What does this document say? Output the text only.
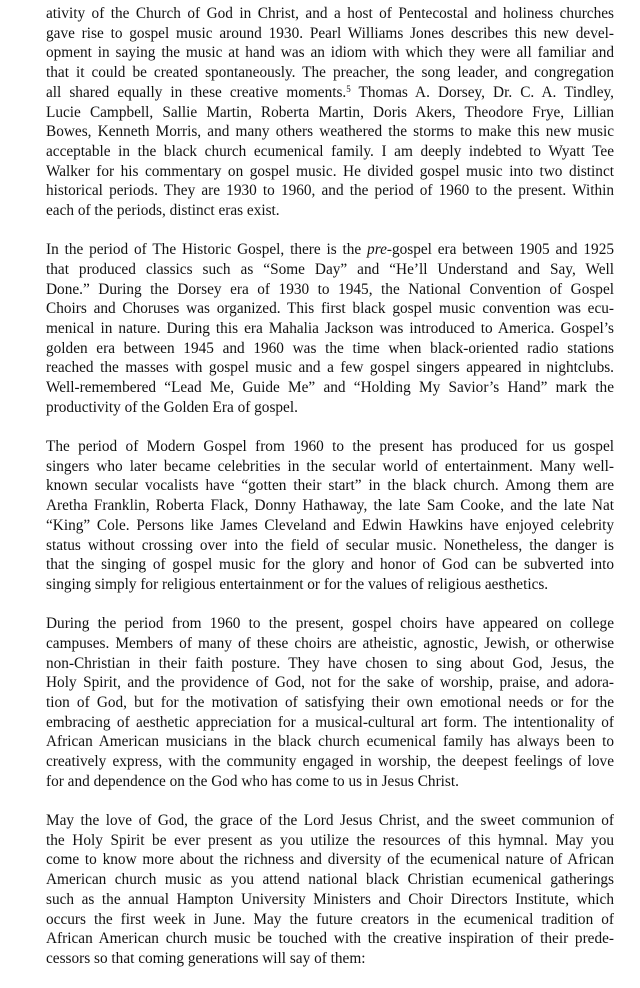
ativity of the Church of God in Christ, and a host of Pentecostal and holiness churches
gave rise to gospel music around 1930. Pearl Williams Jones describes this new devel-
opment in saying the music at hand was an idiom with which they were all familiar and
that it could be created spontaneously. The preacher, the song leader, and congregation
all shared equally in these creative moments.$^5$ Thomas A. Dorsey, Dr. C. A. Tindley,
Lucie Campbell, Sallie Martin, Roberta Martin, Doris Akers, Theodore Frye, Lillian
Bowes, Kenneth Morris, and many others weathered the storms to make this new music
acceptable in the black church ecumenical family. I am deeply indebted to Wyatt Tee
Walker for his commentary on gospel music. He divided gospel music into two distinct
historical periods. They are 1930 to 1960, and the period of 1960 to the present. Within
each of the periods, distinct eras exist.

In the period of The Historic Gospel, there is the pre-gospel era between 1905 and 1925
that produced classics such as “Some Day” and “He’ll Understand and Say, Well
Done.” During the Dorsey era of 1930 to 1945, the National Convention of Gospel
Choirs and Choruses was organized. This first black gospel music convention was ecu-
menical in nature. During this era Mahalia Jackson was introduced to America. Gospel’s
golden era between 1945 and 1960 was the time when black-oriented radio stations
reached the masses with gospel music and a few gospel singers appeared in nightclubs.
Well-remembered “Lead Me, Guide Me” and “Holding My Savior’s Hand” mark the
productivity of the Golden Era of gospel.

The period of Modern Gospel from 1960 to the present has produced for us gospel
singers who later became celebrities in the secular world of entertainment. Many well-
known secular vocalists have “gotten their start” in the black church. Among them are
Aretha Franklin, Roberta Flack, Donny Hathaway, the late Sam Cooke, and the late Nat
“King” Cole. Persons like James Cleveland and Edwin Hawkins have enjoyed celebrity
status without crossing over into the field of secular music. Nonetheless, the danger is
that the singing of gospel music for the glory and honor of God can be subverted into
singing simply for religious entertainment or for the values of religious aesthetics.

During the period from 1960 to the present, gospel choirs have appeared on college
campuses. Members of many of these choirs are atheistic, agnostic, Jewish, or otherwise
non-Christian in their faith posture. They have chosen to sing about God, Jesus, the
Holy Spirit, and the providence of God, not for the sake of worship, praise, and adora-
tion of God, but for the motivation of satisfying their own emotional needs or for the
embracing of aesthetic appreciation for a musical-cultural art form. The intentionality of
African American musicians in the black church ecumenical family has always been to
creatively express, with the community engaged in worship, the deepest feelings of love
for and dependence on the God who has come to us in Jesus Christ.

May the love of God, the grace of the Lord Jesus Christ, and the sweet communion of
the Holy Spirit be ever present as you utilize the resources of this hymnal. May you
come to know more about the richness and diversity of the ecumenical nature of African
American church music as you attend national black Christian ecumenical gatherings
such as the annual Hampton University Ministers and Choir Directors Institute, which
occurs the first week in June. May the future creators in the ecumenical tradition of
African American church music be touched with the creative inspiration of their prede-
cessors so that coming generations will say of them:
